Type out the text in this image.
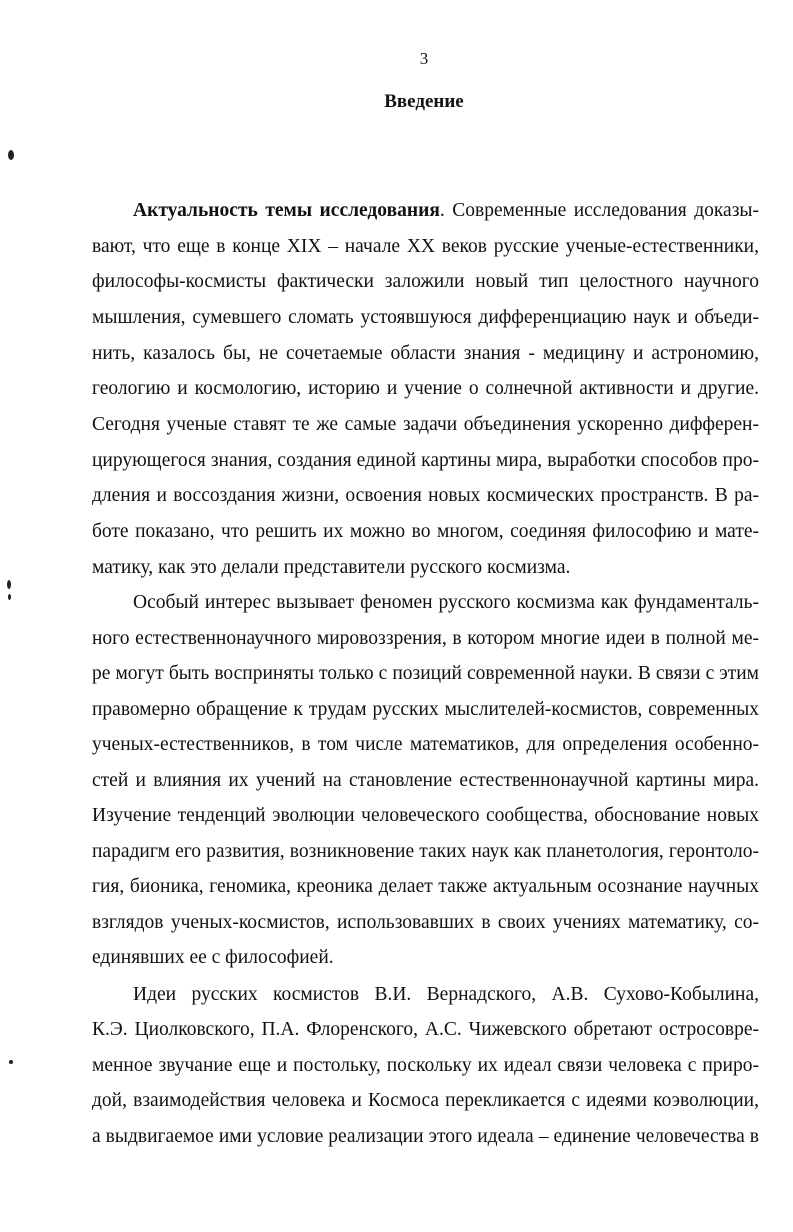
3
Введение
Актуальность темы исследования. Современные исследования доказы-
вают, что еще в конце XIX – начале XX веков русские ученые-естественники,
философы-космисты фактически заложили новый тип целостного научного
мышления, сумевшего сломать устоявшуюся дифференциацию наук и объеди-
нить, казалось бы, не сочетаемые области знания - медицину и астрономию,
геологию и космологию, историю и учение о солнечной активности и другие.
Сегодня ученые ставят те же самые задачи объединения ускоренно дифферен-
цирующегося знания, создания единой картины мира, выработки способов про-
дления и воссоздания жизни, освоения новых космических пространств. В ра-
боте показано, что решить их можно во многом, соединяя философию и мате-
матику, как это делали представители русского космизма.
Особый интерес вызывает феномен русского космизма как фундаменталь-
ного естественнонаучного мировоззрения, в котором многие идеи в полной ме-
ре могут быть восприняты только с позиций современной науки. В связи с этим
правомерно обращение к трудам русских мыслителей-космистов, современных
ученых-естественников, в том числе математиков, для определения особенно-
стей и влияния их учений на становление естественнонаучной картины мира.
Изучение тенденций эволюции человеческого сообщества, обоснование новых
парадигм его развития, возникновение таких наук как планетология, геронтоло-
гия, бионика, геномика, креоника делает также актуальным осознание научных
взглядов ученых-космистов, использовавших в своих учениях математику, со-
единявших ее с философией.
Идеи русских космистов В.И. Вернадского, А.В. Сухово-Кобылина,
К.Э. Циолковского, П.А. Флоренского, А.С. Чижевского обретают остросовре-
менное звучание еще и постольку, поскольку их идеал связи человека с приро-
дой, взаимодействия человека и Космоса перекликается с идеями коэволюции,
а выдвигаемое ими условие реализации этого идеала – единение человечества в
